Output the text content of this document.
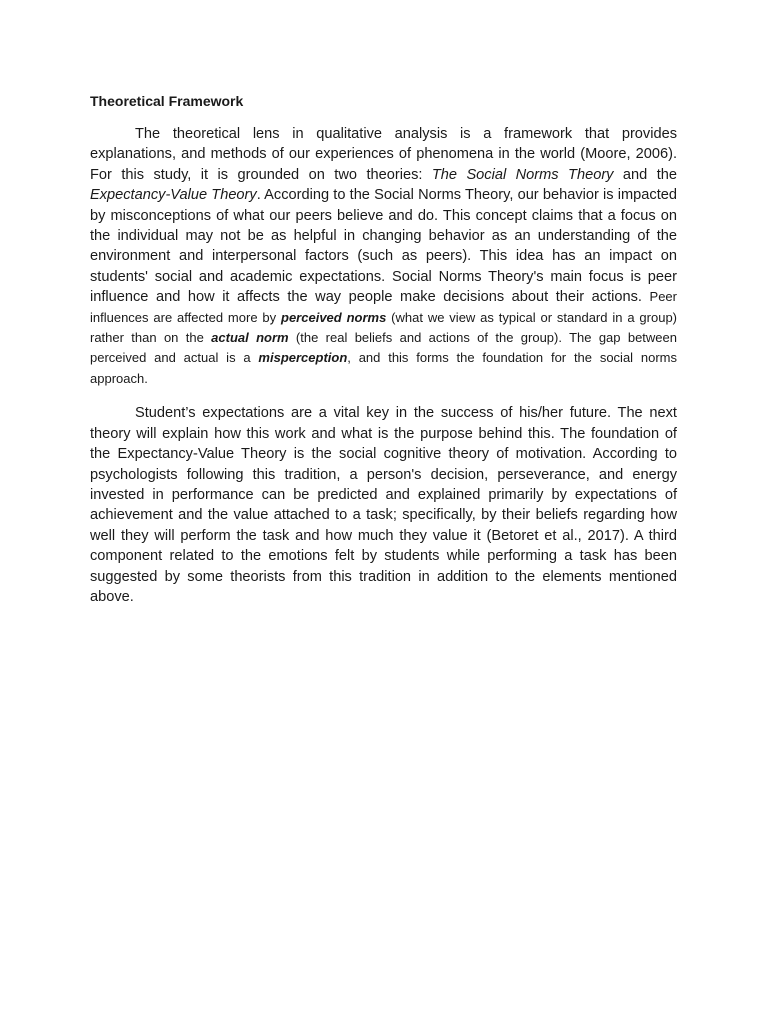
Theoretical Framework

The theoretical lens in qualitative analysis is a framework that provides explanations, and methods of our experiences of phenomena in the world (Moore, 2006). For this study, it is grounded on two theories: The Social Norms Theory and the Expectancy-Value Theory. According to the Social Norms Theory, our behavior is impacted by misconceptions of what our peers believe and do. This concept claims that a focus on the individual may not be as helpful in changing behavior as an understanding of the environment and interpersonal factors (such as peers). This idea has an impact on students' social and academic expectations. Social Norms Theory's main focus is peer influence and how it affects the way people make decisions about their actions. Peer influences are affected more by perceived norms (what we view as typical or standard in a group) rather than on the actual norm (the real beliefs and actions of the group). The gap between perceived and actual is a misperception, and this forms the foundation for the social norms approach.

Student’s expectations are a vital key in the success of his/her future. The next theory will explain how this work and what is the purpose behind this. The foundation of the Expectancy-Value Theory is the social cognitive theory of motivation. According to psychologists following this tradition, a person's decision, perseverance, and energy invested in performance can be predicted and explained primarily by expectations of achievement and the value attached to a task; specifically, by their beliefs regarding how well they will perform the task and how much they value it (Betoret et al., 2017). A third component related to the emotions felt by students while performing a task has been suggested by some theorists from this tradition in addition to the elements mentioned above.
